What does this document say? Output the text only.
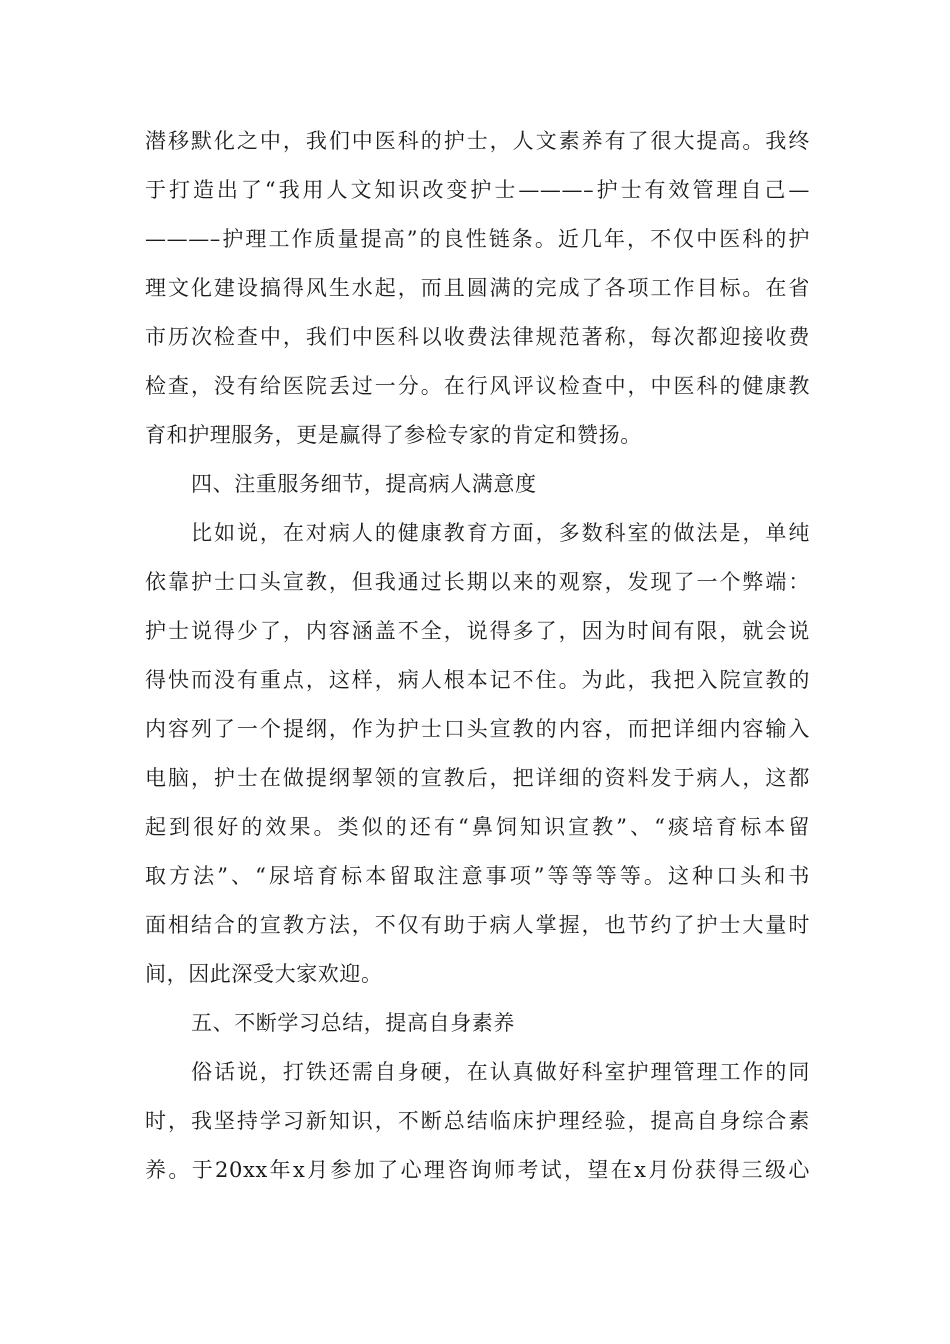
潜移默化之中，我们中医科的护士，人文素养有了很大提高。我终
于打造出了“我用人文知识改变护士———–护士有效管理自己—
———–护理工作质量提高”的良性链条。近几年，不仅中医科的护
理文化建设搞得风生水起，而且圆满的完成了各项工作目标。在省
市历次检查中，我们中医科以收费法律规范著称，每次都迎接收费
检查，没有给医院丢过一分。在行风评议检查中，中医科的健康教
育和护理服务，更是赢得了参检专家的肯定和赞扬。
四、注重服务细节，提高病人满意度
比如说，在对病人的健康教育方面，多数科室的做法是，单纯
依靠护士口头宣教，但我通过长期以来的观察，发现了一个弊端：
护士说得少了，内容涵盖不全，说得多了，因为时间有限，就会说
得快而没有重点，这样，病人根本记不住。为此，我把入院宣教的
内容列了一个提纲，作为护士口头宣教的内容，而把详细内容输入
电脑，护士在做提纲挈领的宣教后，把详细的资料发于病人，这都
起到很好的效果。类似的还有“鼻饲知识宣教”、“痰培育标本留
取方法”、“尿培育标本留取注意事项”等等等等。这种口头和书
面相结合的宣教方法，不仅有助于病人掌握，也节约了护士大量时
间，因此深受大家欢迎。
五、不断学习总结，提高自身素养
俗话说，打铁还需自身硬，在认真做好科室护理管理工作的同
时，我坚持学习新知识，不断总结临床护理经验，提高自身综合素
养。于20xx年x月参加了心理咨询师考试，望在x月份获得三级心
